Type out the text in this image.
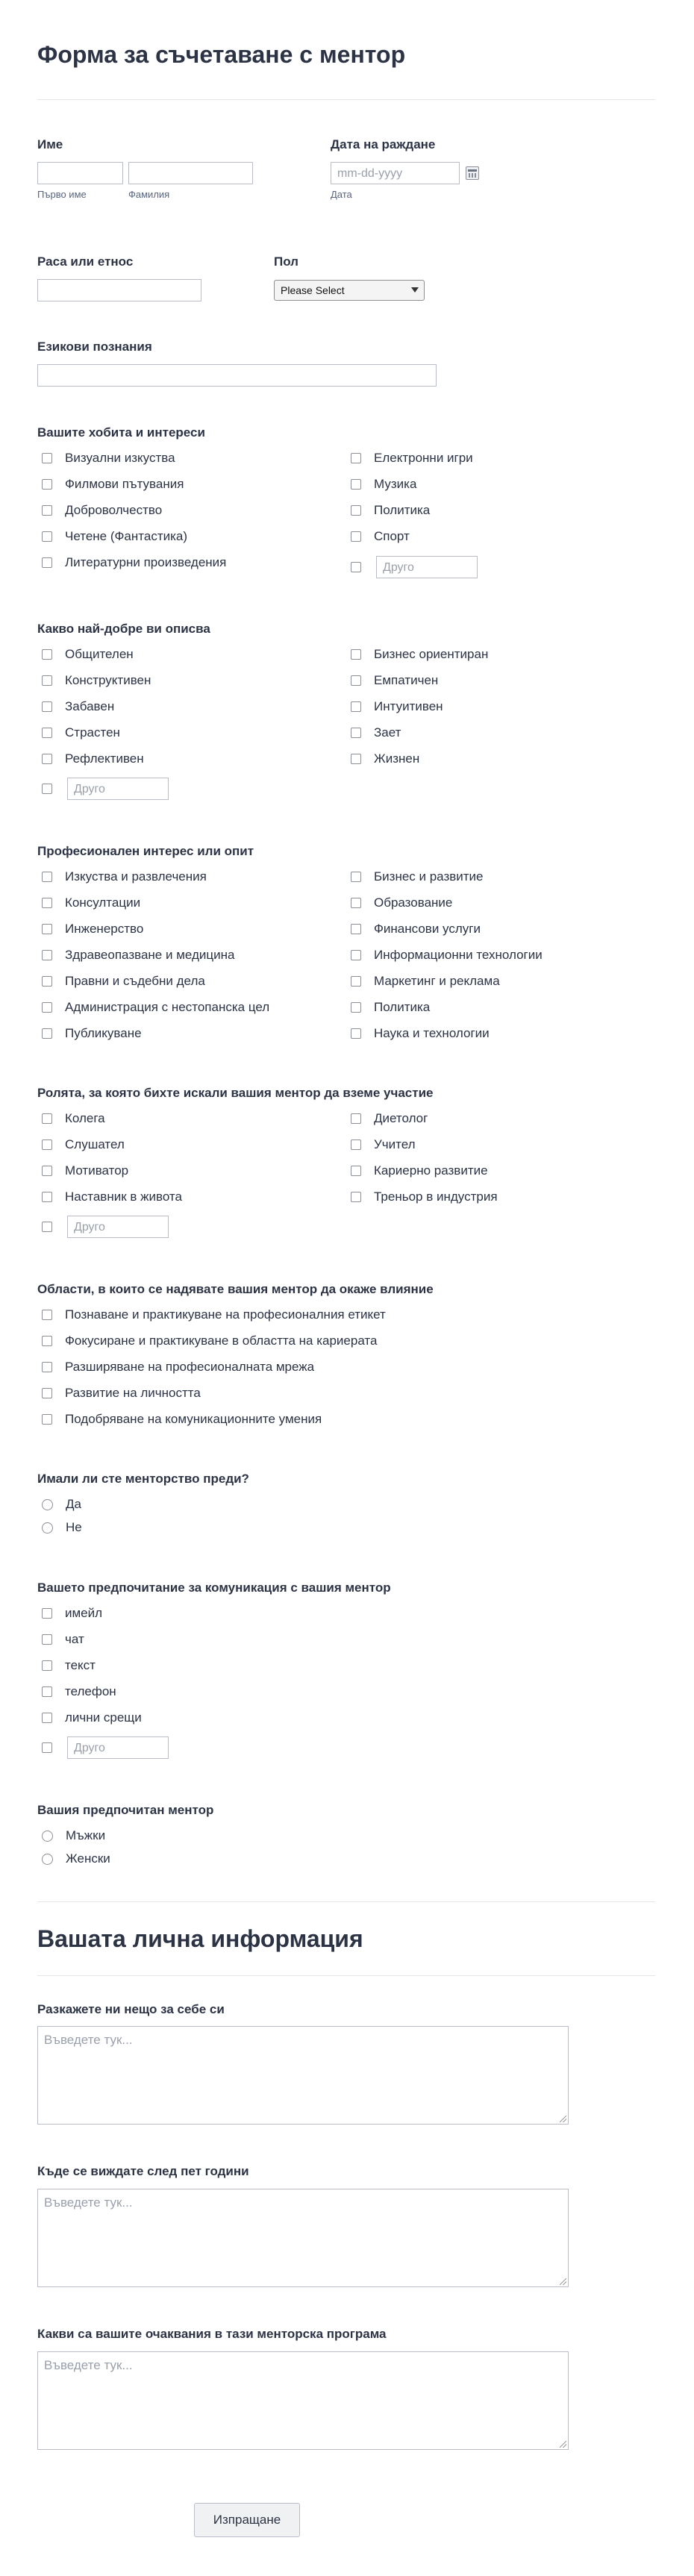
Форма за съчетаване с ментор
Име
Първо име	Фамилия
Дата на раждане
mm-dd-yyyy
Дата
Раса или етнос	Пол
Please Select
Езикови познания
Вашите хобита и интереси
Визуални изкуства
Филмови пътувания
Доброволчество
Четене (Фантастика)
Литературни произведения
Електронни игри
Музика
Политика
Спорт
Друго
Какво най-добре ви описва
Общителен
Конструктивен
Забавен
Страстен
Рефлективен
Бизнес ориентиран
Емпатичен
Интуитивен
Зает
Жизнен
Друго
Професионален интерес или опит
Изкуства и развлечения
Консултации
Инженерство
Здравеопазване и медицина
Правни и съдебни дела
Администрация с нестопанска цел
Публикуване
Бизнес и развитие
Образование
Финансови услуги
Информационни технологии
Маркетинг и реклама
Политика
Наука и технологии
Ролята, за която бихте искали вашия ментор да вземе участие
Колега
Слушател
Мотиватор
Наставник в живота
Диетолог
Учител
Кариерно развитие
Треньор в индустрия
Друго
Области, в които се надявате вашия ментор да окаже влияние
Познаване и практикуване на професионалния етикет
Фокусиране и практикуване в областта на кариерата
Разширяване на професионалната мрежа
Развитие на личността
Подобряване на комуникационните умения
Имали ли сте менторство преди?
Да
Не
Вашето предпочитание за комуникация с вашия ментор
имейл
чат
текст
телефон
лични срещи
Друго
Вашия предпочитан ментор
Мъжки
Женски
Вашата лична информация
Разкажете ни нещо за себе си
Въведете тук...
Къде се виждате след пет години
Въведете тук...
Какви са вашите очаквания в тази менторска програма
Въведете тук...
Изпращане
